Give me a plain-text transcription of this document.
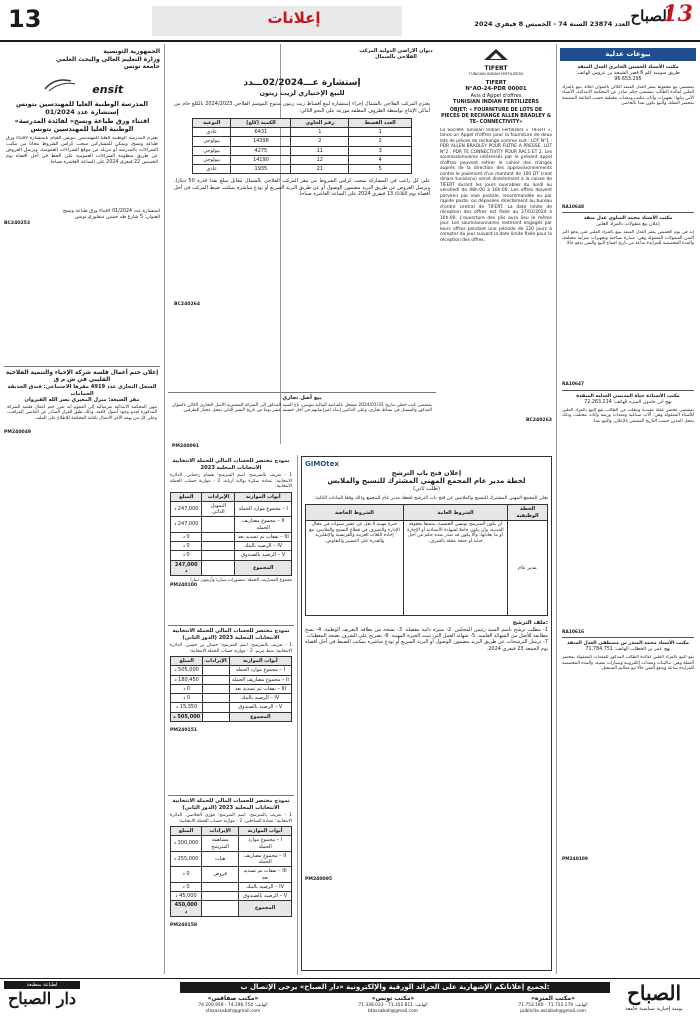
13	إعلانات	العدد 23874 السنة 74 - الخميس 8 فيفري 2024 الصباح
13
بيوعات عدلية
مكتب الأستاذ الحسين الجابري العدل المنفذ
طريق سوسة كلم 6 قصر الشيخة بن عروس الهاتف: 96.653.295
بمقتضى بيع محفوظ بمقر العدل المنفذ الكائن بالعنوان أعلاه، يبيع بالمزاد العلني لفائدة الطالب بمقتضى حكم صادر عن المحكمة الابتدائية، الأشياء الآتي بيانها: تجهيزات وأثاث مكتب ومعدات مختلفة حسب القائمة المضمنة بمحضر العقلة، والبيع يكون نقدا بالحاضر.
RA10648
مكتب الأستاذ محمد الضاوي عدل منفذ
إعلان بيع منقولات بالمزاد العلني
إنه في يوم الخميس بمقر العدل المنفذ يبيع بالمزاد العلني لمن يدفع أكثر الثمن المنقولات المعقولة وهي: سيارة سياحية وتجهيزات منزلية مختلفة، والمدة المخصصة للمزايدة ساعة من تاريخ افتتاح البيع والثمن يدفع حالا.
RA10647
مكتب الأستاذة حياة المدنيني العدلية المنفذة
نهج ابن خلدون المنزه الهاتف: 72.263.214
بمقتضى محضر عقلة تنفيذية وبطلب من الطالب يقع البيع بالمزاد العلني للأشياء المعقولة وهي: آلات صناعية ومعدات ورشة وأثاث مختلف، وذلك بمحل المدين حسب التاريخ المضمن بالإعلان، والبيع نقدا.
RA10616
مكتب الأستاذ محمد المنذر بن مصطفى العدل المنفذ
نهج عمر بن الخطاب الهاتف: 71.784.751
يقع البيع بالمزاد العلني لفائدة الطالب المذكور للمعدات المعقولة بمحضر العقلة وهي: ماكينات ومعدات إلكترونية وسيارات نفعية، والمدة المخصصة للمزايدة ساعة ويدفع الثمن حالا مع معاليم التسجيل.
PM240109
TIFERT
TUNISIAN INDIAN FERTILIZERS
TIFERT
N°AO-24-PDR 00001
Avis d'Appel d'offres
TUNISIAN INDIAN FERTILIZERS
OBJET: « FOURNITURE DE LOTS DE PIECES DE RECHANGE ALLEN BRADLEY & TE- CONNECTIVITY»
La Société Tunisian Indian Fertilizers « TIFERT », lance un Appel d'offres pour la fourniture de deux lots de pièces de rechange comme suit : LOT N°1 : PDR ALLEN BRADLEY POUR FILTRE A PRESSE. LOT N°2 : PDR TE CONNECTIVITY POUR RAC1 ET 2. Les soumissionnaires intéressés par le présent appel d'offres peuvent retirer le cahier des charges auprès de la direction des approvisionnements contre le paiement d'un montant de 100 DT (cent dinars tunisiens) versé directement à la caisse de TIFERT durant les jours ouvrables du lundi au vendredi de 08h:00 à 16h:00. Les offres doivent parvenir par voie postale, recommandée ou par rapide poste, ou déposées directement au bureau d'ordre central de TIFERT. La date limite de réception des offres est fixée au 27/02/2024 à 10h:00. L'ouverture des plis aura lieu le même jour. Les soumissionnaires resteront engagés par leurs offres pendant une période de 120 jours à compter du jour suivant la date limite fixée pour la réception des offres.
BC240263
ديوان الأراضي الدولية المركب الفلاحي بالشمال
إستشارة عـــ02/2024ـــدد
للبيع الإختياري لزيت زيتون
يعتزم المركب الفلاحي بالشمال إجراء إستشارة لبيع أقساط زيت زيتون منتوج الموسم الفلاحي 2024/2023 بالكلغ خام من أماكن الإنتاج بواسطة الظروف المغلقة موزعة على النحو التالي:
النوعية	الكمية (كلغ)	رقم الحاوي	العدد الفسط
عادي	6431	1	1
بيولوجي	14398	2	2
بيولوجي	4275	11	3
بيولوجي	14190	12	4
عادي	1935	21	5
على كل راغب في المشاركة سحب كراس الشروط من مقر المركب الفلاحي بالشمال مقابل مبلغ نقدا قدره 50 دينارا، وترسل العروض عن طريق البريد مضمون الوصول أو عن طريق البريد السريع أو تودع مباشرة بمكتب ضبط المركب في أجل أقصاه يوم الثلاثاء 13 فيفري 2024 على الساعة العاشرة صباحا.
BC240264
بيع أصل تجاري
بمقتضى كتب خطي بتاريخ 2024/01/31 مسجل بالقباضة المالية بتونس، باع السيد المذكور إلى الشركة المشترية الأصل التجاري الكائن بالعنوان المذكور والمتمثل في نشاط تجاري، وعلى الدائنين إبداء اعتراضاتهم في أجل خمسة عشر يوما من تاريخ النشر الثاني بمحل مختار للطرفين.
PM240091
الجمهورية التونسية
وزارة التعليم العالي والبحث العلمي
جامعة تونس
ensit
المدرسة الوطنية العليا للمهندسين بتونس
إستشارة عدد 01/2024
«اقتناء ورق طباعة ونسخ» لفائدة المدرسة الوطنية العليا للمهندسين بتونس
تعتزم المدرسة الوطنية العليا للمهندسين بتونس القيام باستشارة لاقتناء ورق طباعة ونسخ، ويمكن للمشاركين سحب كراس الشروط مجانا من مكتب الشراءات بالمدرسة أو تنزيله من موقع الشراءات العمومية، وترسل العروض عن طريق منظومة الشراءات العمومية على الخط في أجل أقصاه يوم الخميس 22 فيفري 2024 على الساعة العاشرة صباحا.
استشارة عدد 01/2024 لاقتناء ورق طباعة ونسخ
العنوان: 5 شارع طه حسين منفلوري تونس
BC240253
إعلان ختم أعمال فلسة شركة الإحياء والتنمية الفلاحية القليبي في ش م ق
السجل التجاري عدد 4919 مقرها الاجتماعي: فندق الحديقة الحمامات
مقر الضيعة: منزل المعيري نصر الله القيروان
تنهي المحكمة الابتدائية بقرمبالية إلى العموم أنه تقرر ختم أعمال فلسة الشركة المذكورة لعدم وجود أصول كافية، وذلك طبق القرار الصادر عن القاضي المراقب، وعلى كل من يهمه الأمر الاتصال بكتابة المحكمة للاطلاع على الملف.
PM240049
GIMOtex
إعلان فتح باب الترشح
لخطة مدير عام المجمع المهني المشترك للنسيج والملابس
(طلب ثاني)
يعلن المجمع المهني المشترك للنسيج والملابس عن فتح باب الترشح لخطة مدير عام للمجمع وذلك وفقا للبيانات التالية:
الخطة الوظيفية	الشروط العامة	الشروط الخاصة
مدير عام	أن يكون المترشح تونسي الجنسية، متمتعا بحقوقه المدنية، وأن يكون حاملا لشهادة الأستاذية أو الإجازة أو ما يعادلها، وألا يكون قد صدر ضده حكم من أجل جناية أو جنحة مخلة بالشرف.	خبرة مهنية لا تقل عن عشر سنوات في مجال الإدارة والتصرف في قطاع النسيج والملابس، مع إجادة اللغات العربية والفرنسية والإنقليزية والقدرة على التسيير والتفاوض.
ملف الترشح:
1- مطلب ترشح باسم السيد رئيس المجلس. 2- سيرة ذاتية مفصلة. 3- نسخة من بطاقة التعريف الوطنية. 4- نسخ مطابقة للأصل من الشهائد العلمية. 5- شهائد العمل التي تثبت الخبرة المهنية. 6- تصريح على الشرف بصحة المعطيات. 7- ترسل الترشحات عن طريق البريد مضمون الوصول أو البريد السريع أو تودع مباشرة بمكتب الضبط في أجل أقصاه يوم الجمعة 23 فيفري 2024.
PM240095
نموذج مختصر للحساب المالي للحملة الانتخابية الانتخابات المحلية 2023
1 - تعريف بالمترشح: اسم المترشح: هشام رحماني. الدائرة الانتخابية: عمادة سكرة بولاية أريانة. 2 - موازنة حساب الحملة الانتخابية:
أبواب الموازنة	الإيرادات	المبلغ
I – مجموع موارد الحملة	التمويل الذاتي	247,000 د
II – مجموع مصاريف الحملة		247,000 د
III – نفقات تم تسديد بعد		0 د
IV – الرصيد بالبنك		0 د
V – الرصيد بالصندوق		0 د
المجموع		247,000 د
مجموع المصاريف الحملة: منشورات سيارة وأربعون دينارا
PM240100
نموذج مختصر للحساب المالي للحملة الانتخابية الانتخابات المحلية 2023 (الدور الثاني)
1 - تعريف بالمترشح: اسم المترشح: حسان بن حسين. الدائرة الانتخابية: شط مريم. 2 - موازنة حساب الحملة الانتخابية:
أبواب الموازنة	الإيرادات	المبلغ
I – مجموع موارد الحملة		505,000 د
II – مجموع مصاريف الحملة		180,450 د
III – نفقات تم تسديد بعد		0 د
IV – الرصيد بالبنك		0 د
V – الرصيد بالصندوق		15,350 د
المجموع		505,000 د
PM240151
نموذج مختصر للحساب المالي للحملة الانتخابية الانتخابات المحلية 2023 (الدور الثاني)
1 - تعريف بالمترشح: اسم المترشح: فوزي الجلاصي. الدائرة الانتخابية: عمادة الساحلين. 2 - موازنة حساب الحملة الانتخابية:
أبواب الموازنة	الإيرادات	المبلغ
I – مجموع موارد الحملة	مساهمة المترشح	300,000 د
II – مجموع مصاريف الحملة	هبات	255,000 د
III – نفقات تم تسديد بعد	قروض	0 د
IV – الرصيد بالبنك		0 د
V – الرصيد بالصندوق		45,000 د
المجموع		450,000 د
PM240158
لطباعة بمطبعة
دار الصباح
لجميع إعلاناتكم الإشهارية على الجرائد الورقية والإلكترونية «دار الصباح» يرجى الإتصال ب:
«مكتب المنزه»
الهاتف: 71.752.179 - 71.752.180
publicite.assabah@gmail.com
«مكتب تونس»
الهاتف: 71.352.811 - 71.338.033
btassabah@gmail.com
«مكتب صفاقس»
الهاتف: 74.296.754 - 74.200.959
sfaxassabah@gmail.com
الصباح
يومية إخبارية سياسية جامعة
